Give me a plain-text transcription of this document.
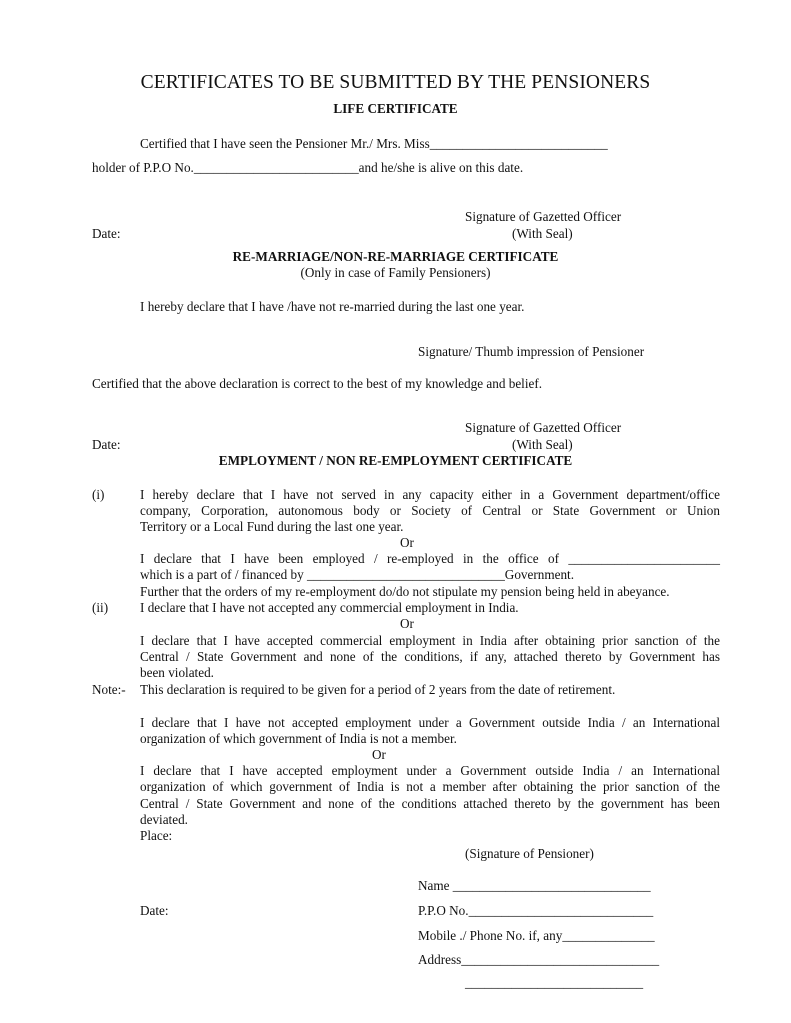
CERTIFICATES TO BE SUBMITTED BY THE PENSIONERS
LIFE CERTIFICATE
Certified that I have seen the Pensioner Mr./ Mrs. Miss___________________________
holder of P.P.O No._________________________and he/she is alive on this date.
Signature of Gazetted Officer
Date:	(With Seal)
RE-MARRIAGE/NON-RE-MARRIAGE CERTIFICATE
(Only in case of Family Pensioners)
I hereby declare that I have /have not re-married during the last one year.
Signature/ Thumb impression of Pensioner
Certified that the above declaration is correct to the best of my knowledge and belief.
Signature of Gazetted Officer
Date:	(With Seal)
EMPLOYMENT / NON RE-EMPLOYMENT CERTIFICATE
(i)	I hereby declare that I have not served in any capacity either in a Government department/office
company, Corporation, autonomous body or Society of Central or State Government or Union
Territory or a Local Fund during the last one year.
Or
I declare that I have been employed / re-employed in the office of _______________________
which is a part of / financed by ______________________________Government.
Further that the orders of my re-employment do/do not stipulate my pension being held in abeyance.
(ii) I declare that I have not accepted any commercial employment in India.
Or
I declare that I have accepted commercial employment in India after obtaining prior sanction of the
Central / State Government and none of the conditions, if any, attached thereto by Government has
been violated.
Note:- This declaration is required to be given for a period of 2 years from the date of retirement.
I declare that I have not accepted employment under a Government outside India / an International
organization of which government of India is not a member.
Or
I declare that I have accepted employment under a Government outside India / an International
organization of which government of India is not a member after obtaining the prior sanction of the
Central / State Government and none of the conditions attached thereto by the government has been
deviated.
Place:
(Signature of Pensioner)
Name ______________________________
Date:	P.P.O No.____________________________
Mobile ./ Phone No. if, any______________
Address______________________________
___________________________
